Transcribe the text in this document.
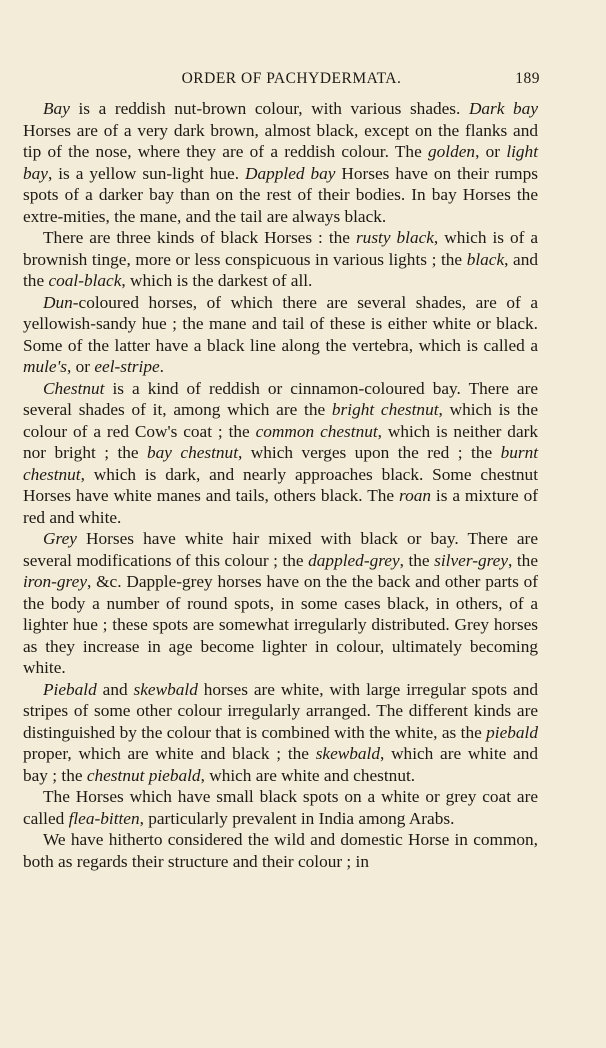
ORDER OF PACHYDERMATA.	189

Bay is a reddish nut-brown colour, with various shades. Dark bay Horses are of a very dark brown, almost black, except on the flanks and tip of the nose, where they are of a reddish colour. The golden, or light bay, is a yellow sun-light hue. Dappled bay Horses have on their rumps spots of a darker bay than on the rest of their bodies. In bay Horses the extre-mities, the mane, and the tail are always black.

There are three kinds of black Horses : the rusty black, which is of a brownish tinge, more or less conspicuous in various lights ; the black, and the coal-black, which is the darkest of all.

Dun-coloured horses, of which there are several shades, are of a yellowish-sandy hue ; the mane and tail of these is either white or black. Some of the latter have a black line along the vertebra, which is called a mule's, or eel-stripe.

Chestnut is a kind of reddish or cinnamon-coloured bay. There are several shades of it, among which are the bright chestnut, which is the colour of a red Cow's coat ; the common chestnut, which is neither dark nor bright ; the bay chestnut, which verges upon the red ; the burnt chestnut, which is dark, and nearly approaches black. Some chestnut Horses have white manes and tails, others black. The roan is a mixture of red and white.

Grey Horses have white hair mixed with black or bay. There are several modifications of this colour ; the dappled-grey, the silver-grey, the iron-grey, &c. Dapple-grey horses have on the the back and other parts of the body a number of round spots, in some cases black, in others, of a lighter hue ; these spots are somewhat irregularly distributed. Grey horses as they increase in age become lighter in colour, ultimately becoming white.

Piebald and skewbald horses are white, with large irregular spots and stripes of some other colour irregularly arranged. The different kinds are distinguished by the colour that is combined with the white, as the piebald proper, which are white and black ; the skewbald, which are white and bay ; the chestnut piebald, which are white and chestnut.

The Horses which have small black spots on a white or grey coat are called flea-bitten, particularly prevalent in India among Arabs.

We have hitherto considered the wild and domestic Horse in common, both as regards their structure and their colour ; in
